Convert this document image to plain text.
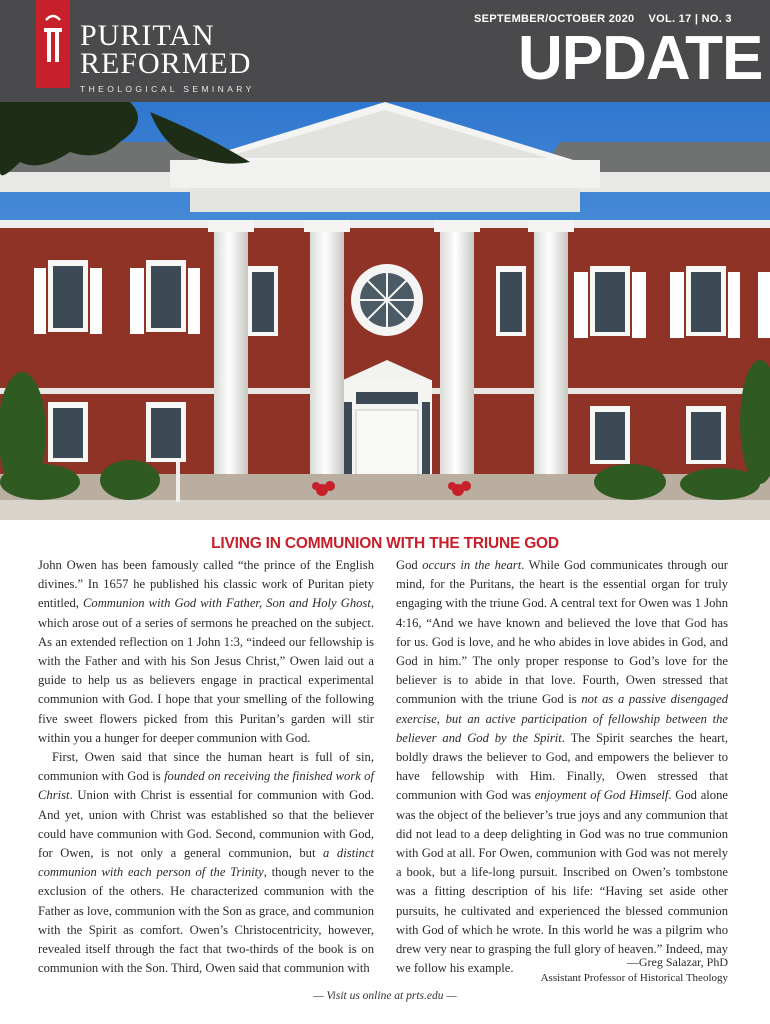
PURITAN
REFORMED
THEOLOGICAL SEMINARY
SEPTEMBER/OCTOBER 2020 VOL. 17 | NO. 3
UPDATE
LIVING IN COMMUNION WITH THE TRIUNE GOD

John Owen has been famously called “the prince of the English divines.” In 1657 he published his classic work of Puritan piety entitled, Communion with God with Father, Son and Holy Ghost, which arose out of a series of sermons he preached on the subject. As an extended reflection on 1 John 1:3, “indeed our fellowship is with the Father and with his Son Jesus Christ,” Owen laid out a guide to help us as believers engage in practical experimental communion with God. I hope that your smelling of the following five sweet flowers picked from this Puritan’s garden will stir within you a hunger for deeper communion with God.

First, Owen said that since the human heart is full of sin, communion with God is founded on receiving the finished work of Christ. Union with Christ is essential for communion with God. And yet, union with Christ was established so that the believer could have communion with God. Second, communion with God, for Owen, is not only a general communion, but a distinct communion with each person of the Trinity, though never to the exclusion of the others. He characterized communion with the Father as love, communion with the Son as grace, and communion with the Spirit as comfort. Owen’s Christocentricity, however, revealed itself through the fact that two-thirds of the book is on communion with the Son. Third, Owen said that communion with

God occurs in the heart. While God communicates through our mind, for the Puritans, the heart is the essential organ for truly engaging with the triune God. A central text for Owen was 1 John 4:16, “And we have known and believed the love that God has for us. God is love, and he who abides in love abides in God, and God in him.” The only proper response to God’s love for the believer is to abide in that love. Fourth, Owen stressed that communion with the triune God is not as a passive disengaged exercise, but an active participation of fellowship between the believer and God by the Spirit. The Spirit searches the heart, boldly draws the believer to God, and empowers the believer to have fellowship with Him. Finally, Owen stressed that communion with God was enjoyment of God Himself. God alone was the object of the believer’s true joys and any communion that did not lead to a deep delighting in God was no true communion with God at all. For Owen, communion with God was not merely a book, but a life-long pursuit. Inscribed on Owen’s tombstone was a fitting description of his life: “Having set aside other pursuits, he cultivated and experienced the blessed communion with God of which he wrote. In this world he was a pilgrim who drew very near to grasping the full glory of heaven.” Indeed, may we follow his example.	—Greg Salazar, PhD
Assistant Professor of Historical Theology
— Visit us online at prts.edu —
